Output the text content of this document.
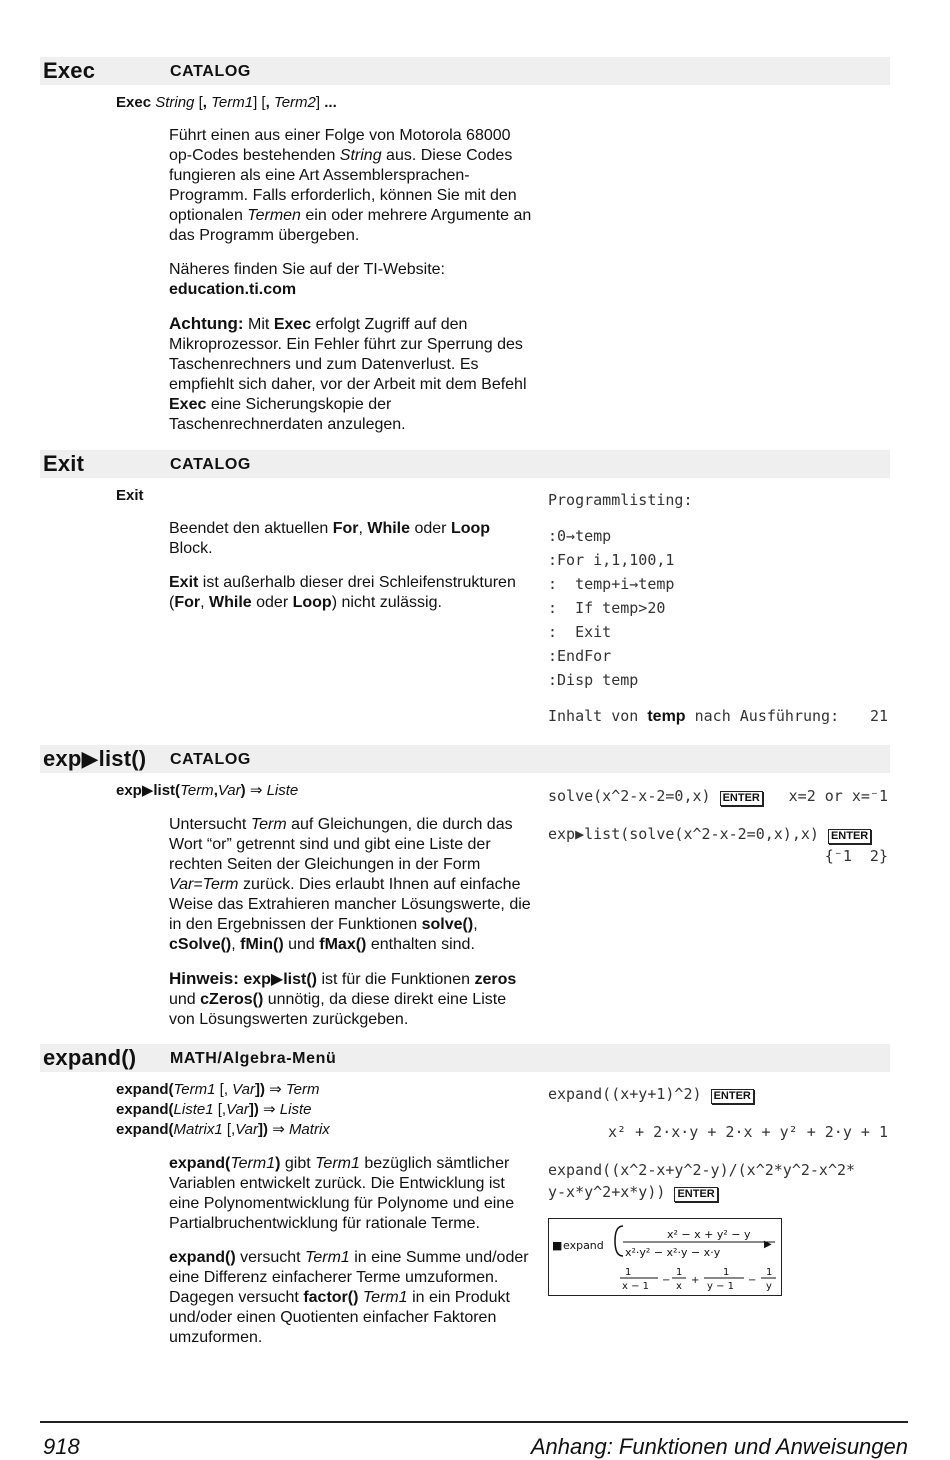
Exec	CATALOG
Exec String [, Term1] [, Term2] ...

Führt einen aus einer Folge von Motorola 68000 op-Codes bestehenden String aus. Diese Codes fungieren als eine Art Assemblersprachen-Programm. Falls erforderlich, können Sie mit den optionalen Termen ein oder mehrere Argumente an das Programm übergeben.

Näheres finden Sie auf der TI-Website:
education.ti.com

Achtung: Mit Exec erfolgt Zugriff auf den Mikroprozessor. Ein Fehler führt zur Sperrung des Taschenrechners und zum Datenverlust. Es empfiehlt sich daher, vor der Arbeit mit dem Befehl Exec eine Sicherungskopie der Taschenrechnerdaten anzulegen.

Exit	CATALOG
Exit

Beendet den aktuellen For, While oder Loop Block.

Exit ist außerhalb dieser drei Schleifenstrukturen (For, While oder Loop) nicht zulässig.

Programmlisting:
:0→temp
:For i,1,100,1
:  temp+i→temp
:  If temp>20
:  Exit
:EndFor
:Disp temp
Inhalt von temp nach Ausführung: 21
exp▶list() CATALOG
exp▶list(Term,Var) ⇒ Liste

Untersucht Term auf Gleichungen, die durch das Wort “or” getrennt sind und gibt eine Liste der rechten Seiten der Gleichungen in der Form Var=Term zurück. Dies erlaubt Ihnen auf einfache Weise das Extrahieren mancher Lösungswerte, die in den Ergebnissen der Funktionen solve(), cSolve(), fMin() und fMax() enthalten sind.

Hinweis: exp▶list() ist für die Funktionen zeros und cZeros() unnötig, da diese direkt eine Liste von Lösungswerten zurückgeben.

solve(x^2-x-2=0,x) ENTER x=2 or x=⁻1
exp▶list(solve(x^2-x-2=0,x),x) ENTER
{⁻1  2}
expand() MATH/Algebra-Menü
expand(Term1 [, Var]) ⇒ Term
expand(Liste1 [,Var]) ⇒ Liste
expand(Matrix1 [,Var]) ⇒ Matrix

expand(Term1) gibt Term1 bezüglich sämtlicher Variablen entwickelt zurück. Die Entwicklung ist eine Polynomentwicklung für Polynome und eine Partialbruchentwicklung für rationale Terme.

expand() versucht Term1 in eine Summe und/oder eine Differenz einfacherer Terme umzuformen. Dagegen versucht factor() Term1 in ein Produkt und/oder einen Quotienten einfacher Faktoren umzuformen.

expand((x+y+1)^2) ENTER
x² + 2·x·y + 2·x + y² + 2·y + 1
expand((x^2-x+y^2-y)/(x^2*y^2-x^2*
y-x*y^2+x*y)) ENTER
■ expand
x² − x + y² − y
x²·y² − x²·y − x·y
▶
1
x − 1
−
1
x
+
1
y − 1
−
1
y
918	Anhang: Funktionen und Anweisungen
